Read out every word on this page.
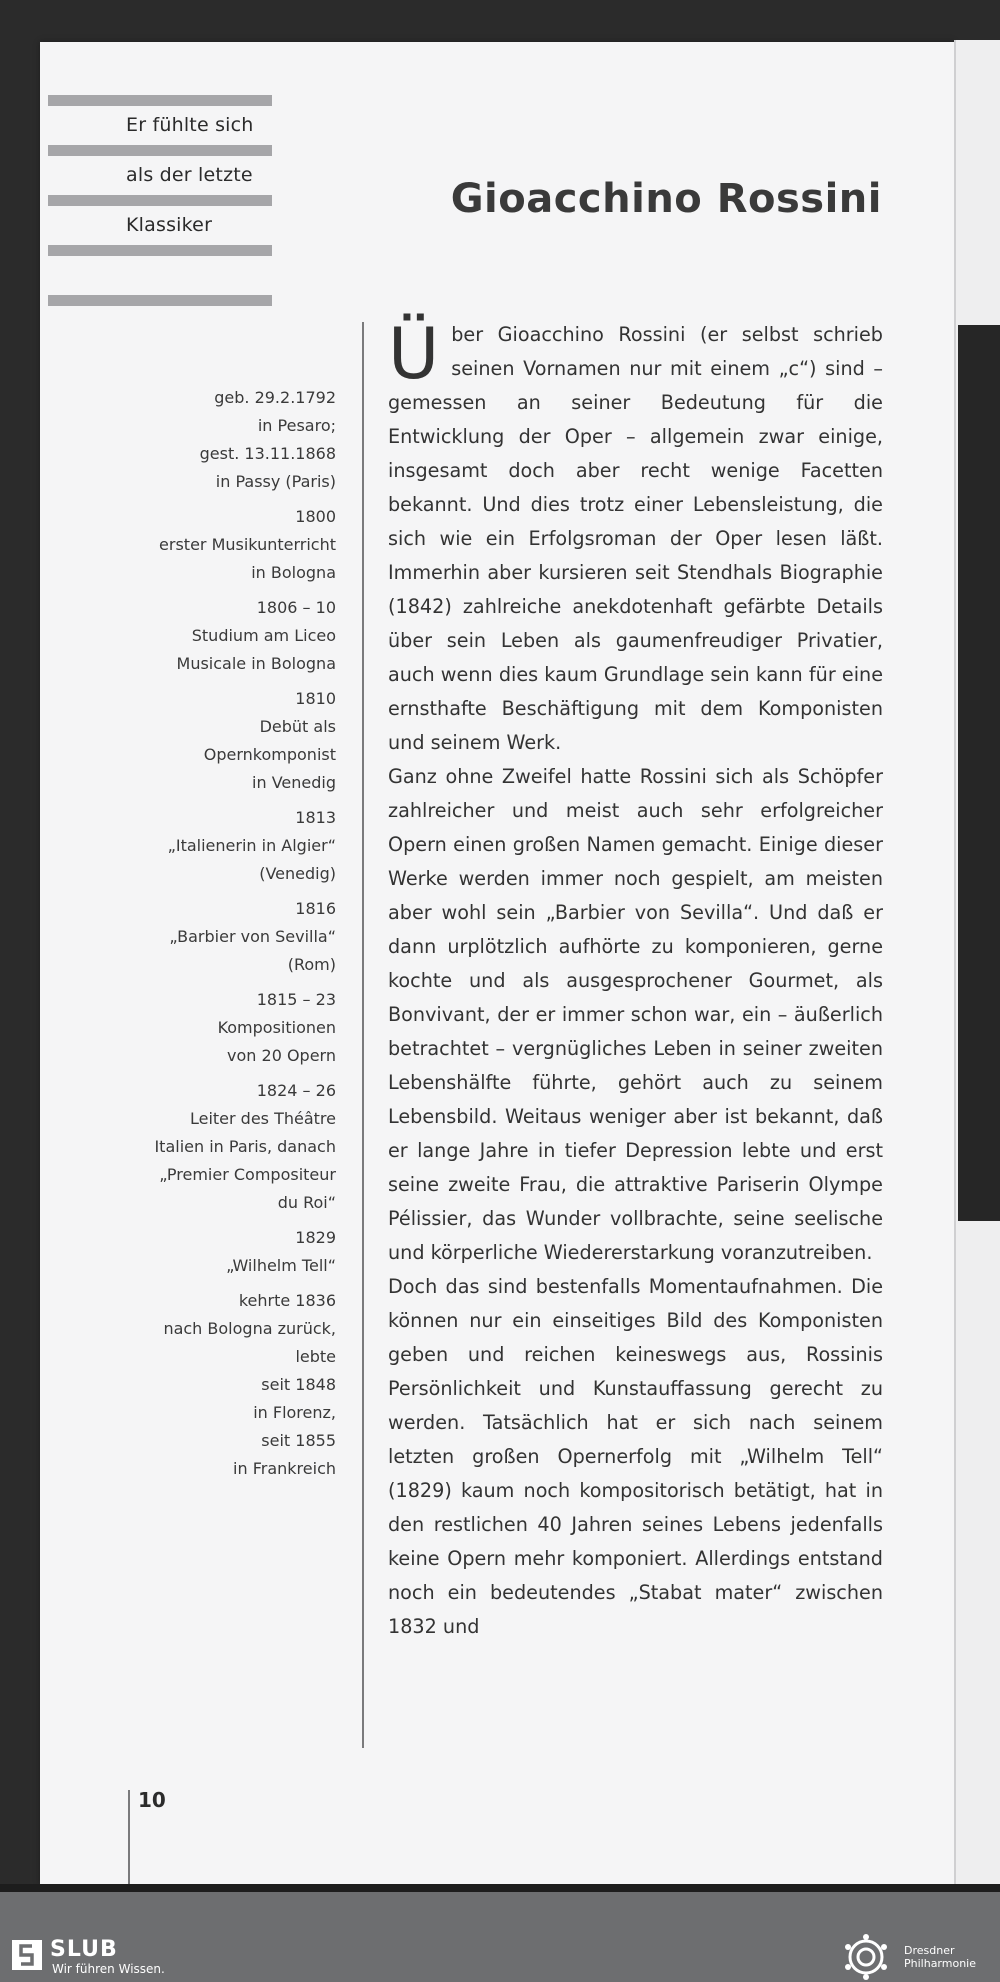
Er fühlte sich
als der letzte
Klassiker
Gioacchino Rossini
geb. 29.2.1792
in Pesaro;
gest. 13.11.1868
in Passy (Paris)
1800
erster Musikunterricht
in Bologna
1806 – 10
Studium am Liceo
Musicale in Bologna
1810
Debüt als
Opernkomponist
in Venedig
1813
„Italienerin in Algier“
(Venedig)
1816
„Barbier von Sevilla“
(Rom)
1815 – 23
Kompositionen
von 20 Opern
1824 – 26
Leiter des Théâtre
Italien in Paris, danach
„Premier Compositeur
du Roi“
1829
„Wilhelm Tell“
kehrte 1836
nach Bologna zurück,
lebte
seit 1848
in Florenz,
seit 1855
in Frankreich

Über Gioacchino Rossini (er selbst schrieb seinen Vornamen nur mit einem „c“) sind – gemessen an seiner Bedeutung für die Entwicklung der Oper – allgemein zwar einige, insgesamt doch aber recht wenige Facetten bekannt. Und dies trotz einer Lebensleistung, die sich wie ein Erfolgsroman der Oper lesen läßt. Immerhin aber kursieren seit Stendhals Biographie (1842) zahlreiche anekdotenhaft gefärbte Details über sein Leben als gaumenfreudiger Privatier, auch wenn dies kaum Grundlage sein kann für eine ernsthafte Beschäftigung mit dem Komponisten und seinem Werk.

Ganz ohne Zweifel hatte Rossini sich als Schöpfer zahlreicher und meist auch sehr erfolgreicher Opern einen großen Namen gemacht. Einige dieser Werke werden immer noch gespielt, am meisten aber wohl sein „Barbier von Sevilla“. Und daß er dann urplötzlich aufhörte zu komponieren, gerne kochte und als ausgesprochener Gourmet, als Bonvivant, der er immer schon war, ein – äußerlich betrachtet – vergnügliches Leben in seiner zweiten Lebenshälfte führte, gehört auch zu seinem Lebensbild. Weitaus weniger aber ist bekannt, daß er lange Jahre in tiefer Depression lebte und erst seine zweite Frau, die attraktive Pariserin Olympe Pélissier, das Wunder vollbrachte, seine seelische und körperliche Wiedererstarkung voranzutreiben.

Doch das sind bestenfalls Momentaufnahmen. Die können nur ein einseitiges Bild des Komponisten geben und reichen keineswegs aus, Rossinis Persönlichkeit und Kunstauffassung gerecht zu werden. Tatsächlich hat er sich nach seinem letzten großen Opernerfolg mit „Wilhelm Tell“ (1829) kaum noch kompositorisch betätigt, hat in den restlichen 40 Jahren seines Lebens jedenfalls keine Opern mehr komponiert. Allerdings entstand noch ein bedeutendes „Stabat mater“ zwischen 1832 und

10
SLUB
Wir führen Wissen.
Dresdner
Philharmonie
